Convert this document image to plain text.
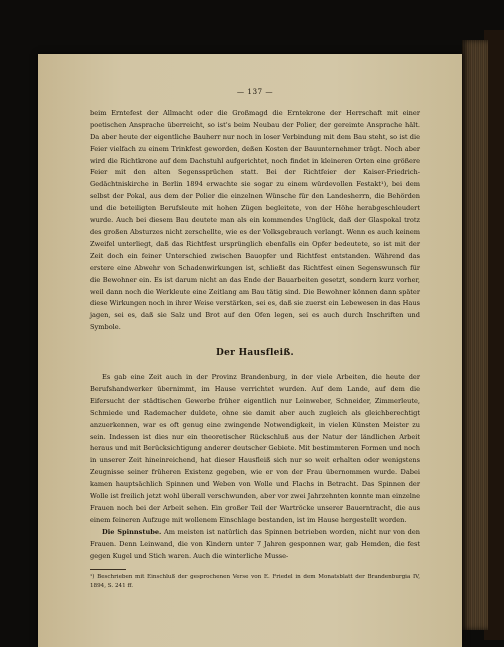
— 137 —

beim Erntefest der Allmacht oder die Großmagd die Erntekrone der Herrschaft mit einer poetischen Ansprache überreicht, so ist's beim Neubau der Polier, der gereimte Ansprache hält. Da aber heute der eigentliche Bauherr nur noch in loser Verbindung mit dem Bau steht, so ist die Feier vielfach zu einem Trinkfest geworden, deßen Kosten der Bauunternehmer trägt. Noch aber wird die Richtkrone auf dem Dachstuhl aufgerichtet, noch findet in kleineren Orten eine größere Feier mit den alten Segenssprüchen statt. Bei der Richtfeier der Kaiser-Friedrich-Gedächtniskirche in Berlin 1894 erwachte sie sogar zu einem würdevollen Festakt¹), bei dem selbst der Pokal, aus dem der Polier die einzelnen Wünsche für den Landesherrn, die Behörden und die beteiligten Berufsleute mit hohen Zügen begleitete, von der Höhe herabgeschleudert wurde. Auch bei diesem Bau deutete man als ein kommendes Unglück, daß der Glaspokal trotz des großen Absturzes nicht zerschellte, wie es der Volksgebrauch verlangt. Wenn es auch keinem Zweifel unterliegt, daß das Richtfest ursprünglich ebenfalls ein Opfer bedeutete, so ist mit der Zeit doch ein feiner Unterschied zwischen Bauopfer und Richtfest entstanden. Während das erstere eine Abwehr von Schadenwirkungen ist, schließt das Richtfest einen Segenswunsch für die Bewohner ein. Es ist darum nicht an das Ende der Bauarbeiten gesetzt, sondern kurz vorher, weil dann noch die Werkleute eine Zeitlang am Bau tätig sind. Die Bewohner können dann später diese Wirkungen noch in ihrer Weise verstärken, sei es, daß sie zuerst ein Lebewesen in das Haus jagen, sei es, daß sie Salz und Brot auf den Ofen legen, sei es auch durch Inschriften und Symbole.

Der Hausfleiß.

Es gab eine Zeit auch in der Provinz Brandenburg, in der viele Arbeiten, die heute der Berufshandwerker übernimmt, im Hause verrichtet wurden. Auf dem Lande, auf dem die Eifersucht der städtischen Gewerbe früher eigentlich nur Leinweber, Schneider, Zimmerleute, Schmiede und Rademacher duldete, ohne sie damit aber auch zugleich als gleichberechtigt anzuerkennen, war es oft genug eine zwingende Notwendigkeit, in vielen Künsten Meister zu sein. Indessen ist dies nur ein theoretischer Rückschluß aus der Natur der ländlichen Arbeit heraus und mit Berücksichtigung anderer deutscher Gebiete. Mit bestimmteren Formen und noch in unserer Zeit hineinreichend, hat dieser Hausfleiß sich nur so weit erhalten oder wenigstens Zeugnisse seiner früheren Existenz gegeben, wie er von der Frau übernommen wurde. Dabei kamen hauptsächlich Spinnen und Weben von Wolle und Flachs in Betracht. Das Spinnen der Wolle ist freilich jetzt wohl überall verschwunden, aber vor zwei Jahrzehnten konnte man einzelne Frauen noch bei der Arbeit sehen. Ein großer Teil der Wartröcke unserer Bauerntracht, die aus einem feineren Aufzuge mit wollenem Einschlage bestanden, ist im Hause hergestellt worden.

Die Spinnstube. Am meisten ist natürlich das Spinnen betrieben worden, nicht nur von den Frauen. Denn Leinwand, die von Kindern unter 7 Jahren gesponnen war, gab Hemden, die fest gegen Kugel und Stich waren. Auch die winterliche Musse-

¹) Beschrieben mit Einschluß der gesprochenen Verse von E. Friedel in dem Monatsblatt der Brandenburgia IV, 1894, S. 241 ff.
